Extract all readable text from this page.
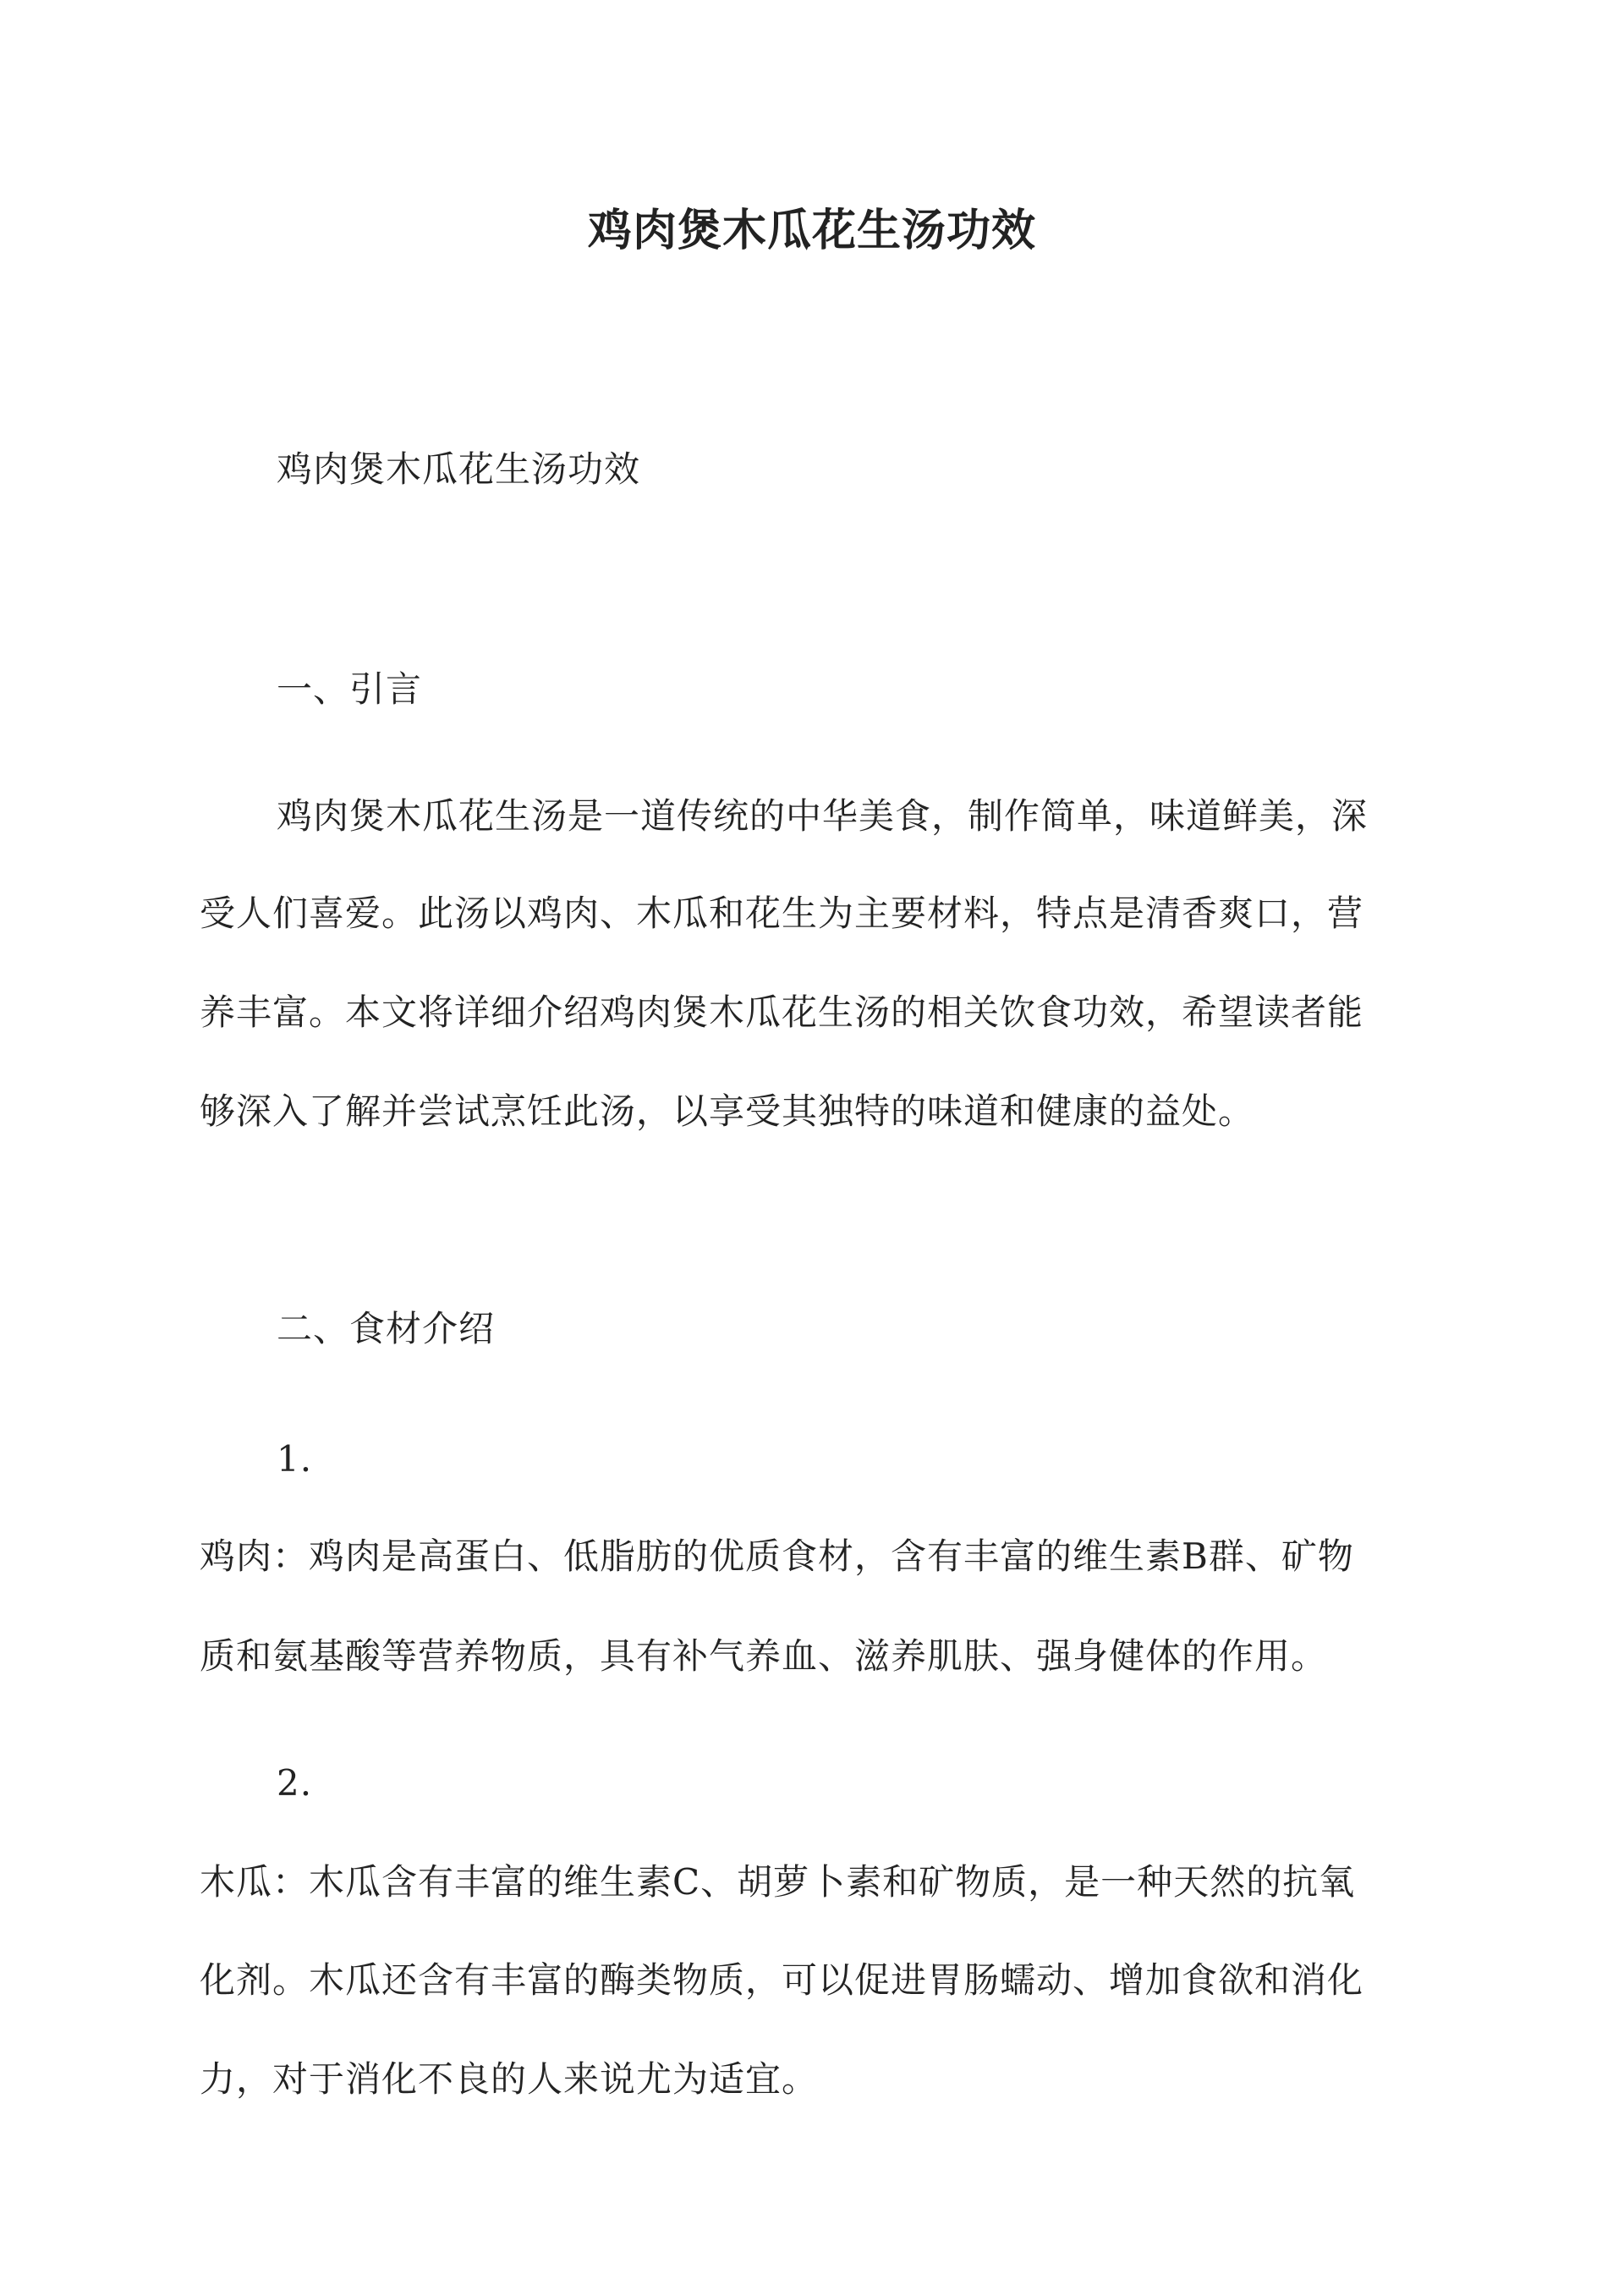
鸡肉煲木瓜花生汤功效
鸡肉煲木瓜花生汤功效
一、引言
鸡肉煲木瓜花生汤是一道传统的中华美食，制作简单，味道鲜美，深
受人们喜爱。此汤以鸡肉、木瓜和花生为主要材料，特点是清香爽口，营
养丰富。本文将详细介绍鸡肉煲木瓜花生汤的相关饮食功效，希望读者能
够深入了解并尝试烹饪此汤，以享受其独特的味道和健康的益处。
二、食材介绍
1.
鸡肉：鸡肉是高蛋白、低脂肪的优质食材，含有丰富的维生素B群、矿物
质和氨基酸等营养物质，具有补气养血、滋养肌肤、强身健体的作用。
2.
木瓜：木瓜含有丰富的维生素C、胡萝卜素和矿物质，是一种天然的抗氧
化剂。木瓜还含有丰富的酶类物质，可以促进胃肠蠕动、增加食欲和消化
力，对于消化不良的人来说尤为适宜。
